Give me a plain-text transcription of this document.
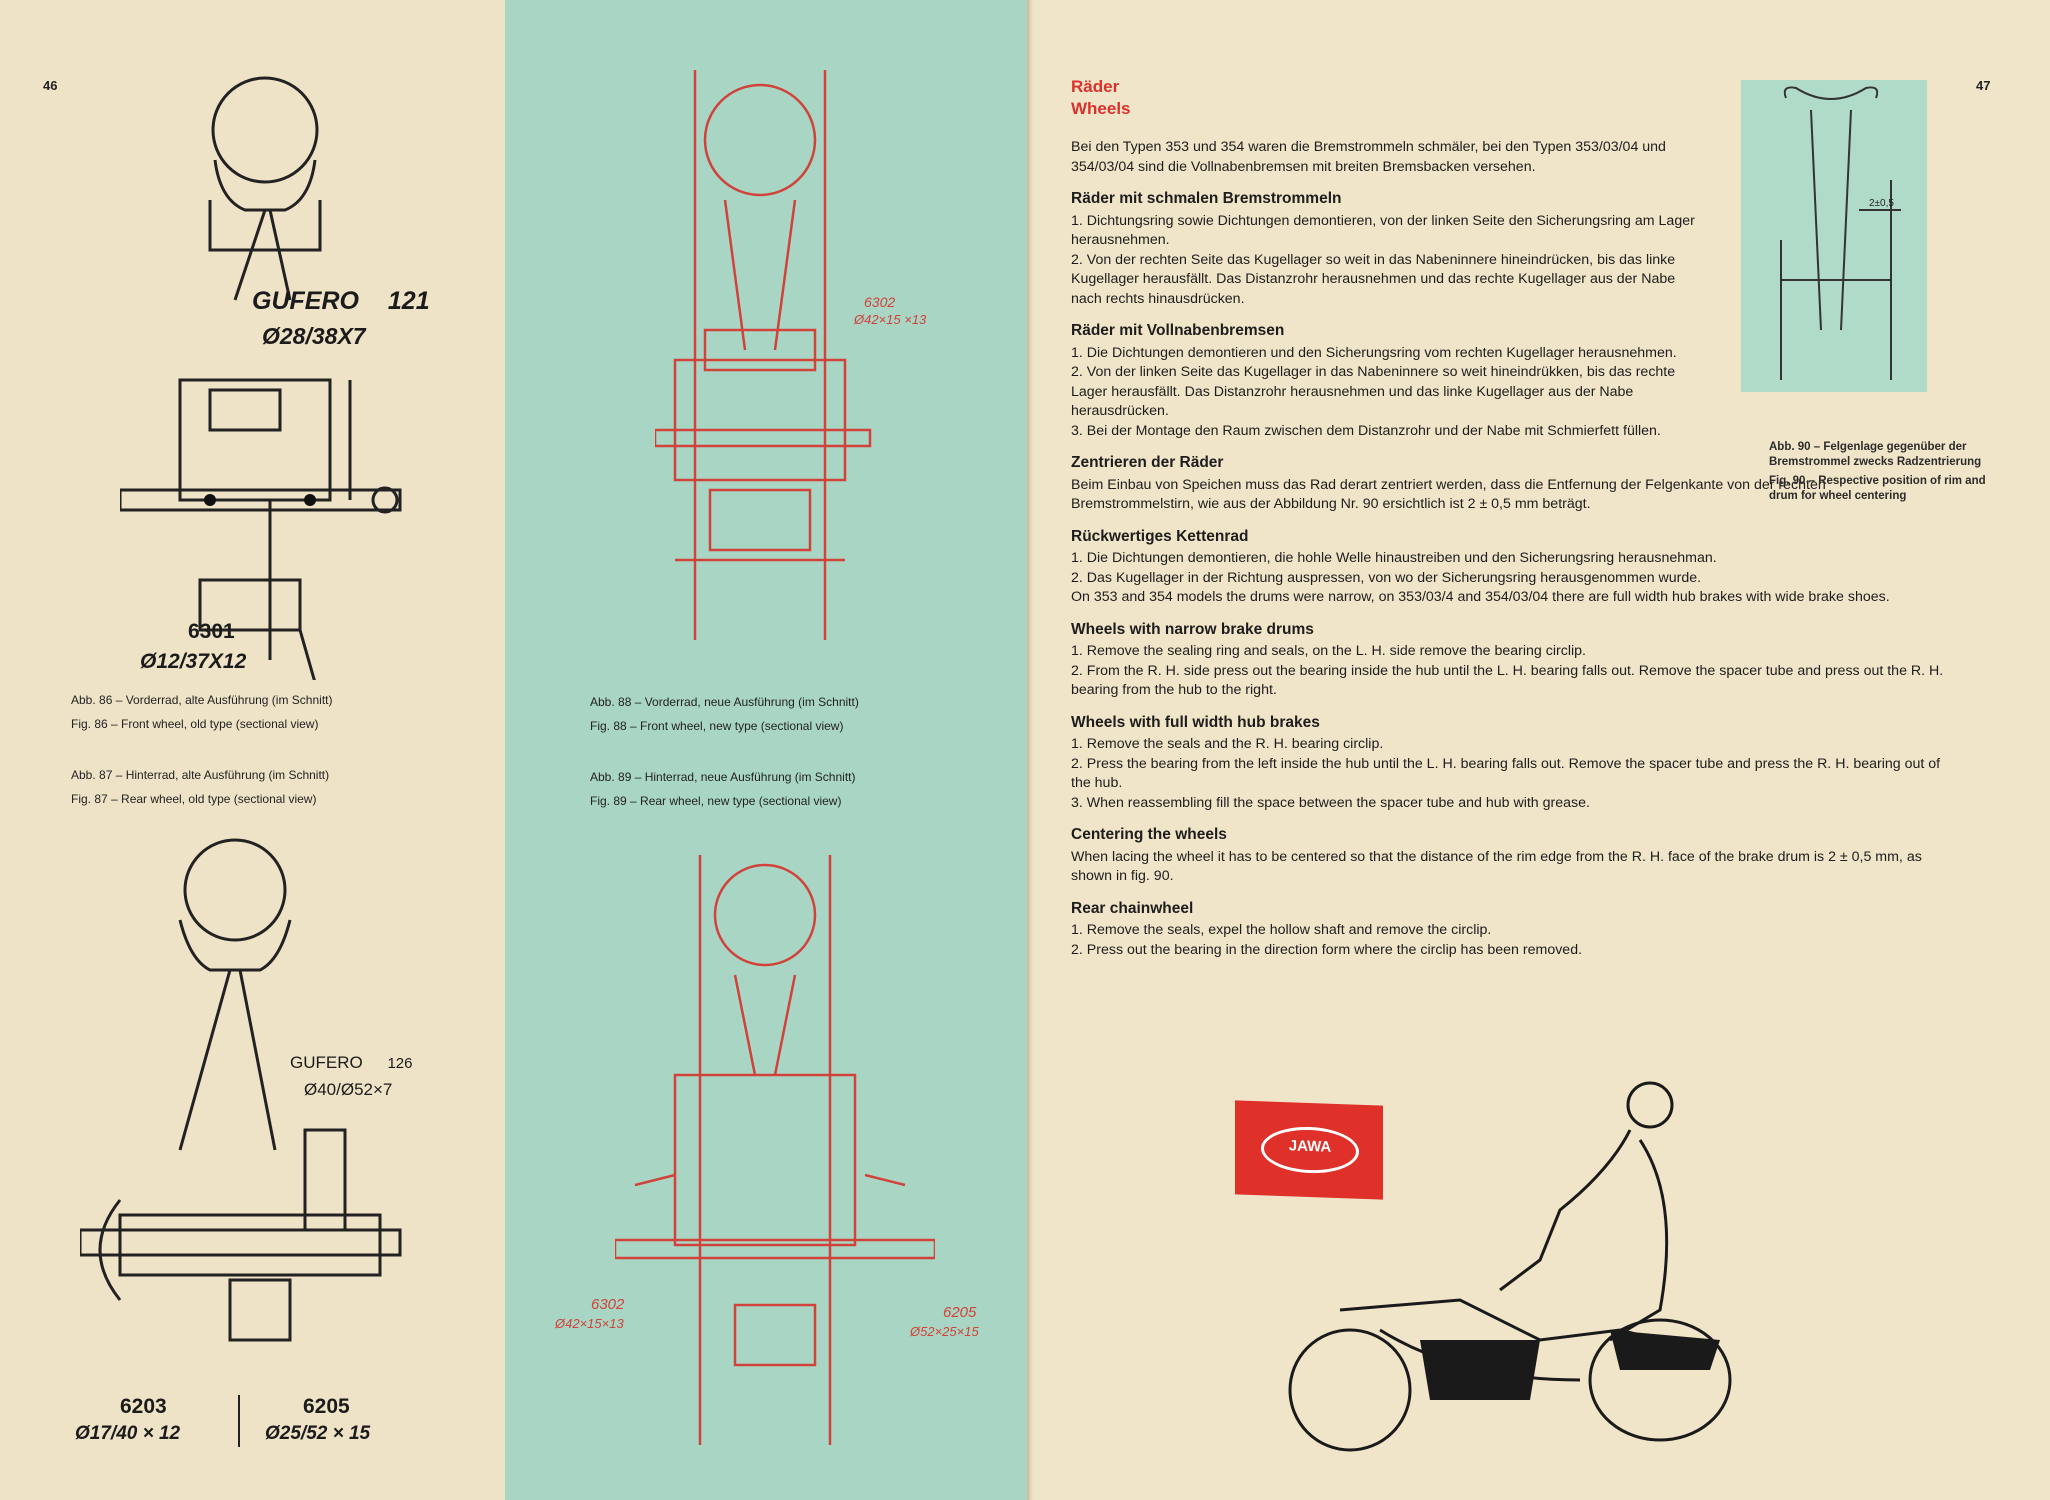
46
GUFERO 121
Ø28/38X7
6301
Ø12/37X12
Abb. 86 – Vorderrad, alte Ausführung (im Schnitt)
Fig. 86 – Front wheel, old type (sectional view)
Abb. 87 – Hinterrad, alte Ausführung (im Schnitt)
Fig. 87 – Rear wheel, old type (sectional view)
GUFERO 126
Ø40/Ø52×7
6203
Ø17/40 × 12
6205
Ø25/52 × 15
6302
Ø42×15 ×13
Abb. 88 – Vorderrad, neue Ausführung (im Schnitt)
Fig. 88 – Front wheel, new type (sectional view)
Abb. 89 – Hinterrad, neue Ausführung (im Schnitt)
Fig. 89 – Rear wheel, new type (sectional view)
6302
Ø42×15×13
6205
Ø52×25×15
Räder
Wheels

Bei den Typen 353 und 354 waren die Bremstrommeln schmäler, bei den Typen 353/03/04 und 354/03/04 sind die Vollnabenbremsen mit breiten Bremsbacken versehen.

Räder mit schmalen Bremstrommeln

1. Dichtungsring sowie Dichtungen demontieren, von der linken Seite den Sicherungsring am Lager herausnehmen.

2. Von der rechten Seite das Kugellager so weit in das Nabeninnere hineindrücken, bis das linke Kugellager herausfällt. Das Distanzrohr herausnehmen und das rechte Kugellager aus der Nabe nach rechts hinausdrücken.

Räder mit Vollnabenbremsen

1. Die Dichtungen demontieren und den Sicherungsring vom rechten Kugellager herausnehmen.

2. Von der linken Seite das Kugellager in das Nabeninnere so weit hineindrükken, bis das rechte Lager herausfällt. Das Distanzrohr herausnehmen und das linke Kugellager aus der Nabe herausdrücken.

3. Bei der Montage den Raum zwischen dem Distanzrohr und der Nabe mit Schmierfett füllen.

Zentrieren der Räder

Beim Einbau von Speichen muss das Rad derart zentriert werden, dass die Entfernung der Felgenkante von der rechten Bremstrommelstirn, wie aus der Abbildung Nr. 90 ersichtlich ist 2 ± 0,5 mm beträgt.

Rückwertiges Kettenrad

1. Die Dichtungen demontieren, die hohle Welle hinaustreiben und den Sicherungsring herausnehman.

2. Das Kugellager in der Richtung auspressen, von wo der Sicherungsring herausgenommen wurde.

On 353 and 354 models the drums were narrow, on 353/03/4 and 354/03/04 there are full width hub brakes with wide brake shoes.

Wheels with narrow brake drums

1. Remove the sealing ring and seals, on the L. H. side remove the bearing circlip.

2. From the R. H. side press out the bearing inside the hub until the L. H. bearing falls out. Remove the spacer tube and press out the R. H. bearing from the hub to the right.

Wheels with full width hub brakes

1. Remove the seals and the R. H. bearing circlip.

2. Press the bearing from the left inside the hub until the L. H. bearing falls out. Remove the spacer tube and press the R. H. bearing out of the hub.

3. When reassembling fill the space between the spacer tube and hub with grease.

Centering the wheels

When lacing the wheel it has to be centered so that the distance of the rim edge from the R. H. face of the brake drum is 2 ± 0,5 mm, as shown in fig. 90.

Rear chainwheel

1. Remove the seals, expel the hollow shaft and remove the circlip.

2. Press out the bearing in the direction form where the circlip has been removed.

47
2±0,5
Abb. 90 – Felgenlage gegenüber der Bremstrommel zwecks Radzentrierung
Fig. 90 – Respective position of rim and drum for wheel centering
JAWA
